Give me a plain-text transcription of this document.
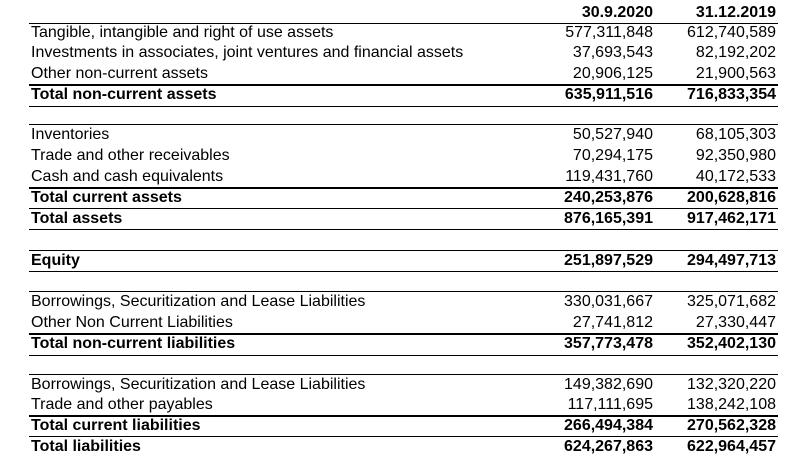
30.9.2020	31.12.2019
Tangible, intangible and right of use assets	577,311,848 612,740,589
Investments in associates, joint ventures and financial assets	37,693,543	82,192,202
Other non-current assets	20,906,125	21,900,563
Total non-current assets	635,911,516 716,833,354
Inventories	50,527,940	68,105,303
Trade and other receivables	70,294,175	92,350,980
Cash and cash equivalents	119,431,760	40,172,533
Total current assets	240,253,876 200,628,816
Total assets	876,165,391 917,462,171
Equity	251,897,529 294,497,713
Borrowings, Securitization and Lease Liabilities	330,031,667 325,071,682
Other Non Current Liabilities	27,741,812	27,330,447
Total non-current liabilities	357,773,478 352,402,130
Borrowings, Securitization and Lease Liabilities	149,382,690 132,320,220
Trade and other payables	117,111,695 138,242,108
Total current liabilities	266,494,384 270,562,328
Total liabilities	624,267,863 622,964,457
